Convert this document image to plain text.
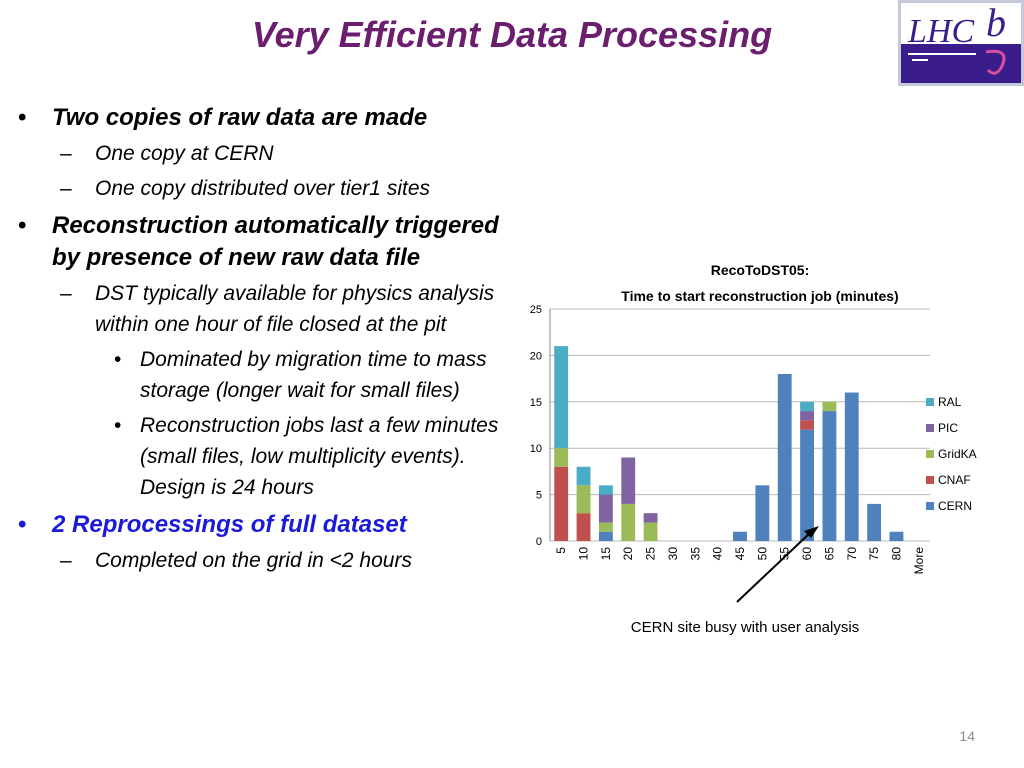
Very Efficient Data Processing	LHC b
• Two copies of raw data are made
– One copy at CERN
– One copy distributed over tier1 sites
• Reconstruction automatically triggered by presence of new raw data file
– DST typically available for physics analysis within one hour of file closed at the pit
• Dominated by migration time to mass storage (longer wait for small files)
• Reconstruction jobs last a few minutes (small files, low multiplicity events). Design is 24 hours
• 2 Reprocessings of full dataset
– Completed on the grid in <2 hours
RecoToDST05:
Time to start reconstruction job (minutes)
5 10 15 20 25 30 35 40 45 50 55 60 65 70 75 80 More
0
5
10
15
20
25
RAL
PIC
GridKA
CNAF
CERN
CERN site busy with user analysis
14
